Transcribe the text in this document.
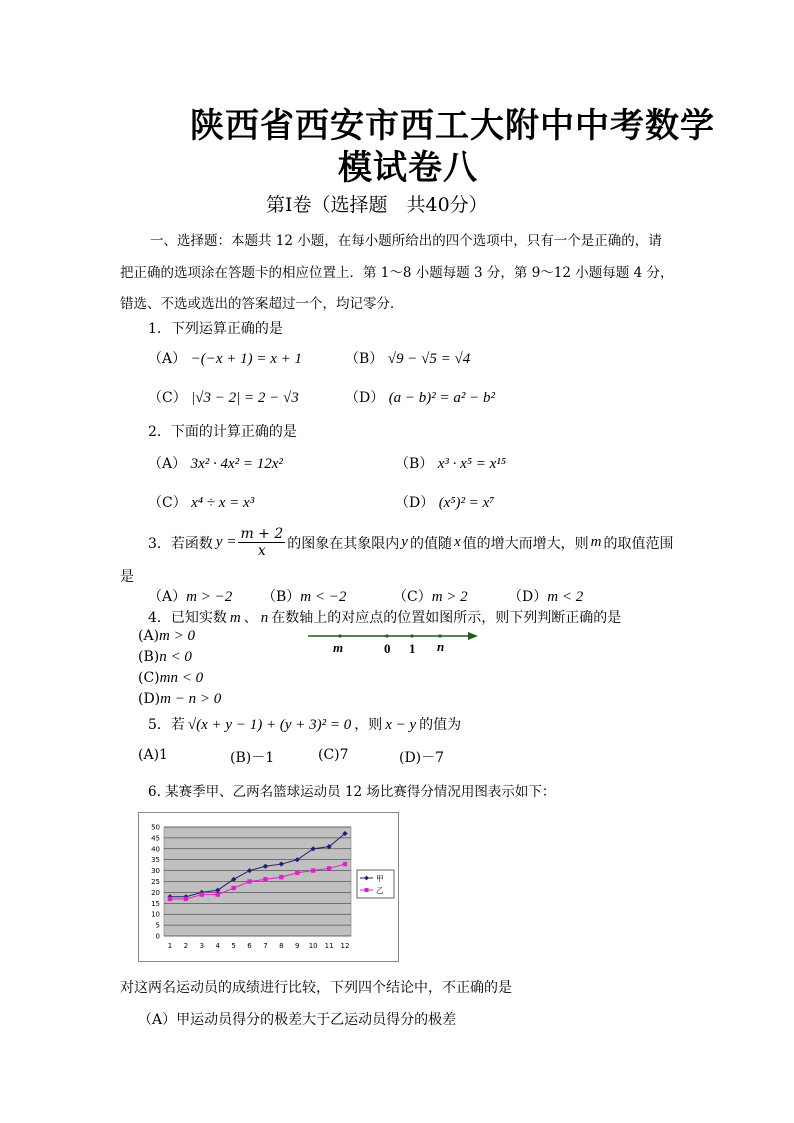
陕西省西安市西工大附中中考数学
模试卷八
第Ⅰ卷（选择题　共40分）
一、选择题：本题共 12 小题，在每小题所给出的四个选项中，只有一个是正确的，请
把正确的选项涂在答题卡的相应位置上．第 1～8 小题每题 3 分，第 9～12 小题每题 4 分，
错选、不选或选出的答案超过一个，均记零分．
1．下列运算正确的是
（A） −(−x + 1) = x + 1	（B） √9 − √5 = √4
（C） |√3 − 2| = 2 − √3	（D） (a − b)² = a² − b²
2．下面的计算正确的是
（A） 3x² · 4x² = 12x²	（B） x³ · x⁵ = x¹⁵
（C） x⁴ ÷ x = x³	（D） (x⁵)² = x⁷
3．若函数 $y = \frac{m + 2}{x}$ 的图象在其象限内 y 的值随 x 值的增大而增大，则 m 的取值范围
是
（A）m > −2 （B）m < −2	（C）m > 2	（D）m < 2
4．已知实数 m 、 n 在数轴上的对应点的位置如图所示，则下列判断正确的是
(A)m > 0
(B)n < 0
(C)mn < 0
(D)m − n > 0
m	0 1 n
5．若 √(x + y − 1) + (y + 3)² = 0 ，则 x − y 的值为
(A)1	(B)－1	(C)7	(D)－7
6. 某赛季甲、乙两名篮球运动员 12 场比赛得分情况用图表示如下：
0
5
10
15
20
25
30
35
40
45
50
1 2 3 4 5 6 7 8 9 10 11 12
甲
乙
对这两名运动员的成绩进行比较，下列四个结论中，不正确的是
（A）甲运动员得分的极差大于乙运动员得分的极差
